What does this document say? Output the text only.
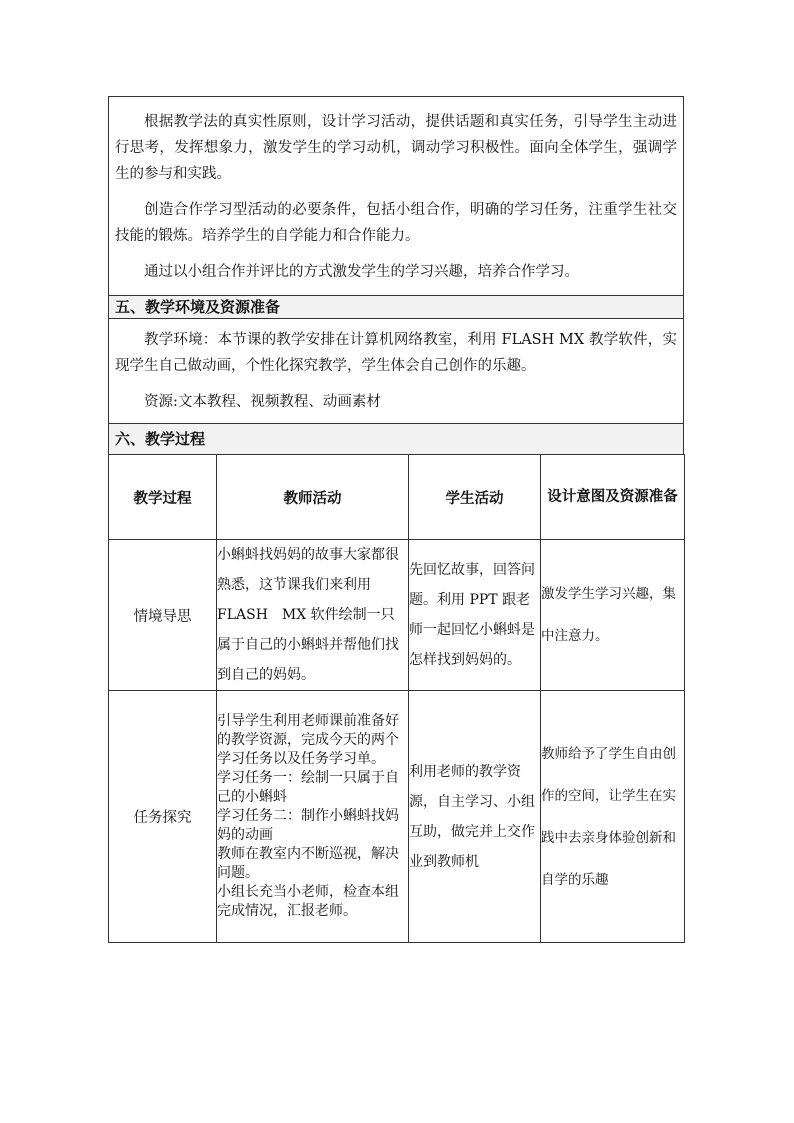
根据教学法的真实性原则，设计学习活动，提供话题和真实任务，引导学生主动进行思考，发挥想象力，激发学生的学习动机，调动学习积极性。面向全体学生，强调学生的参与和实践。

创造合作学习型活动的必要条件，包括小组合作，明确的学习任务，注重学生社交技能的锻炼。培养学生的自学能力和合作能力。

通过以小组合作并评比的方式激发学生的学习兴趣，培养合作学习。

五、教学环境及资源准备

教学环境：本节课的教学安排在计算机网络教室，利用 FLASH MX 教学软件，实现学生自己做动画，个性化探究教学，学生体会自己创作的乐趣。

资源:文本教程、视频教程、动画素材

六、教学过程
教学过程	教师活动	学生活动	设计意图及资源准备
情境导思	小蝌蚪找妈妈的故事大家都很熟悉，这节课我们来利用 FLASH　MX 软件绘制一只属于自己的小蝌蚪并帮他们找到自己的妈妈。	先回忆故事，回答问题。利用 PPT 跟老师一起回忆小蝌蚪是怎样找到妈妈的。	激发学生学习兴趣，集中注意力。
任务探究	引导学生利用老师课前准备好的教学资源，完成今天的两个学习任务以及任务学习单。
学习任务一：绘制一只属于自己的小蝌蚪
学习任务二：制作小蝌蚪找妈妈的动画
教师在教室内不断巡视，解决问题。
小组长充当小老师，检查本组完成情况，汇报老师。	利用老师的教学资源，自主学习、小组互助，做完并上交作业到教师机	教师给予了学生自由创作的空间，让学生在实践中去亲身体验创新和自学的乐趣
